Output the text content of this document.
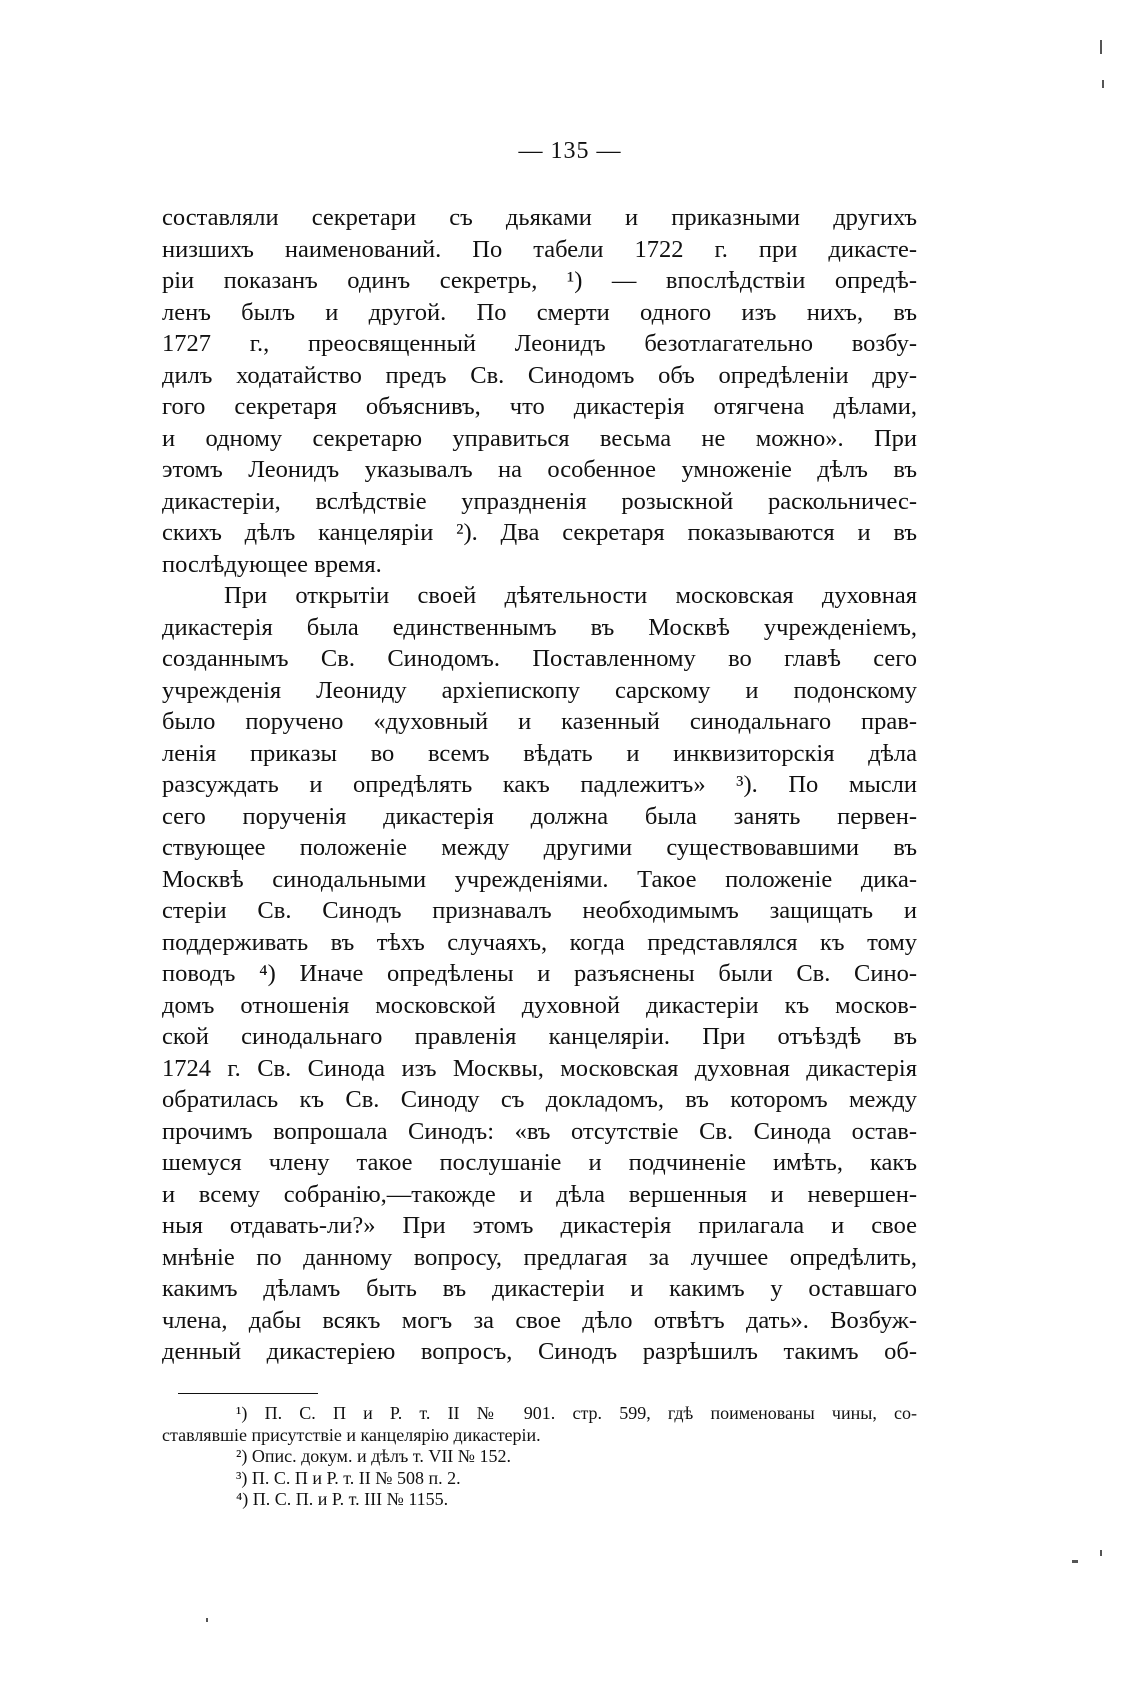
— 135 —
составляли секретари съ дьяками и приказными другихъ
низшихъ наименований. По табели 1722 г. при дикасте-
ріи показанъ одинъ секретрь, ¹) — впослѣдствіи опредѣ-
ленъ былъ и другой. По смерти одного изъ нихъ, въ
1727 г., преосвященный Леонидъ безотлагательно возбу-
дилъ ходатайство предъ Св. Синодомъ объ опредѣленіи дру-
гого секретаря объяснивъ, что дикастерія отягчена дѣлами,
и одному секретарю управиться весьма не можно». При
этомъ Леонидъ указывалъ на особенное умноженіе дѣлъ въ
дикастеріи, вслѣдствіе упраздненія розыскной раскольничес-
скихъ дѣлъ канцеляріи ²). Два секретаря показываются и въ
послѣдующее время.
При открытіи своей дѣятельности московская духовная
дикастерія была единственнымъ въ Москвѣ учрежденіемъ,
созданнымъ Св. Синодомъ. Поставленному во главѣ сего
учрежденія Леониду архіепископу сарскому и подонскому
было поручено «духовный и казенный синодальнаго прав-
ленія приказы во всемъ вѣдать и инквизиторскія дѣла
разсуждать и опредѣлять какъ падлежитъ» ³). По мысли
сего порученія дикастерія должна была занять первен-
ствующее положеніе между другими существовавшими въ
Москвѣ синодальными учрежденіями. Такое положеніе дика-
стеріи Св. Синодъ признавалъ необходимымъ защищать и
поддерживать въ тѣхъ случаяхъ, когда представлялся къ тому
поводъ ⁴) Иначе опредѣлены и разъяснены были Св. Сино-
домъ отношенія московской духовной дикастеріи къ москов-
ской синодальнаго правленія канцеляріи. При отъѣздѣ въ
1724 г. Св. Синода изъ Москвы, московская духовная дикастерія
обратилась къ Св. Синоду съ докладомъ, въ которомъ между
прочимъ вопрошала Синодъ: «въ отсутствіе Св. Синода остав-
шемуся члену такое послушаніе и подчиненіе имѣть, какъ
и всему собранію,—такожде и дѣла вершенныя и невершен-
ныя отдавать-ли?» При этомъ дикастерія прилагала и свое
мнѣніе по данному вопросу, предлагая за лучшее опредѣлить,
какимъ дѣламъ быть въ дикастеріи и какимъ у оставшаго
члена, дабы всякъ могъ за свое дѣло отвѣтъ дать». Возбуж-
денный дикастеріею вопросъ, Синодъ разрѣшилъ такимъ об-
¹) П. С. П и Р. т. II № 901. стр. 599, гдѣ поименованы чины, со-
ставлявшіе присутствіе и канцелярію дикастеріи.
²) Опис. докум. и дѣлъ т. VII № 152.
³) П. С. П и Р. т. II № 508 п. 2.
⁴) П. С. П. и Р. т. III № 1155.
